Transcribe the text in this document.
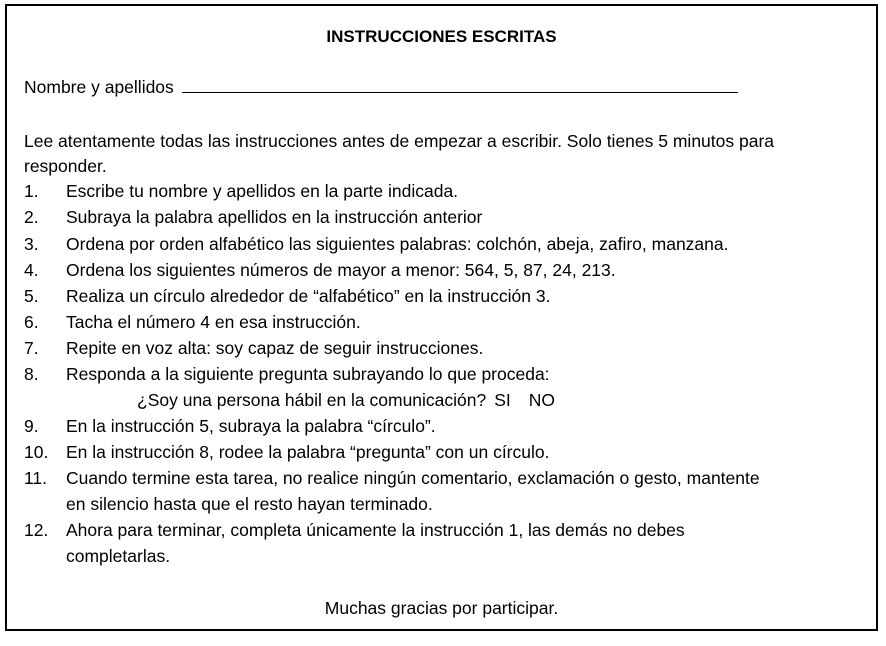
INSTRUCCIONES ESCRITAS
Nombre y apellidos
Lee atentamente todas las instrucciones antes de empezar a escribir. Solo tienes 5 minutos para
responder.
1. Escribe tu nombre y apellidos en la parte indicada.
2. Subraya la palabra apellidos en la instrucción anterior
3. Ordena por orden alfabético las siguientes palabras: colchón, abeja, zafiro, manzana.
4. Ordena los siguientes números de mayor a menor: 564, 5, 87, 24, 213.
5. Realiza un círculo alrededor de “alfabético” en la instrucción 3.
6. Tacha el número 4 en esa instrucción.
7. Repite en voz alta: soy capaz de seguir instrucciones.
8. Responda a la siguiente pregunta subrayando lo que proceda:
¿Soy una persona hábil en la comunicación? SI NO
9. En la instrucción 5, subraya la palabra “círculo”.
10. En la instrucción 8, rodee la palabra “pregunta” con un círculo.
11. Cuando termine esta tarea, no realice ningún comentario, exclamación o gesto, mantente
en silencio hasta que el resto hayan terminado.
12. Ahora para terminar, completa únicamente la instrucción 1, las demás no debes
completarlas.
Muchas gracias por participar.
